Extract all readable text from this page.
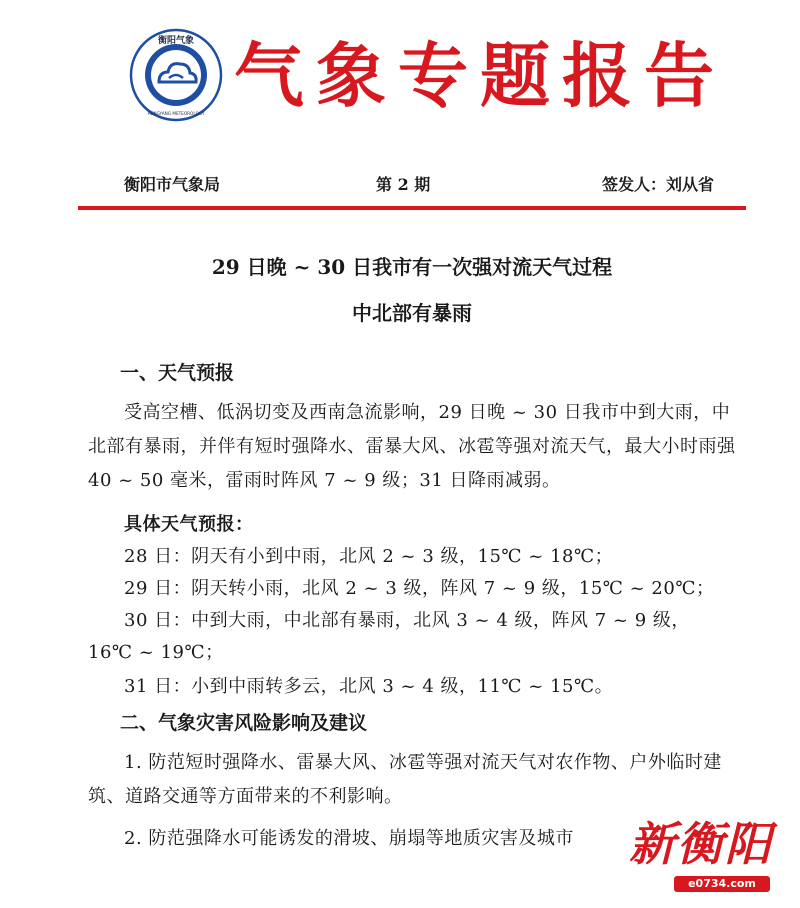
衡阳气象
HENGYANG METEOROLOGY 气象专题报告
衡阳市气象局	第 2 期	签发人：刘从省
29 日晚 ~ 30 日我市有一次强对流天气过程
中北部有暴雨
一、天气预报
受高空槽、低涡切变及西南急流影响，29 日晚 ~ 30 日我市中到大雨，中北部有暴雨，并伴有短时强降水、雷暴大风、冰雹等强对流天气，最大小时雨强 40 ~ 50 毫米，雷雨时阵风 7 ~ 9 级；31 日降雨减弱。
具体天气预报：
28 日：阴天有小到中雨，北风 2 ~ 3 级，15℃ ~ 18℃；
29 日：阴天转小雨，北风 2 ~ 3 级，阵风 7 ~ 9 级，15℃ ~ 20℃；
30 日：中到大雨，中北部有暴雨，北风 3 ~ 4 级，阵风 7 ~ 9 级，
16℃ ~ 19℃；
31 日：小到中雨转多云，北风 3 ~ 4 级，11℃ ~ 15℃。
二、气象灾害风险影响及建议
1. 防范短时强降水、雷暴大风、冰雹等强对流天气对农作物、户外临时建筑、道路交通等方面带来的不利影响。
2. 防范强降水可能诱发的滑坡、崩塌等地质灾害及城市	新衡阳
e0734.com
